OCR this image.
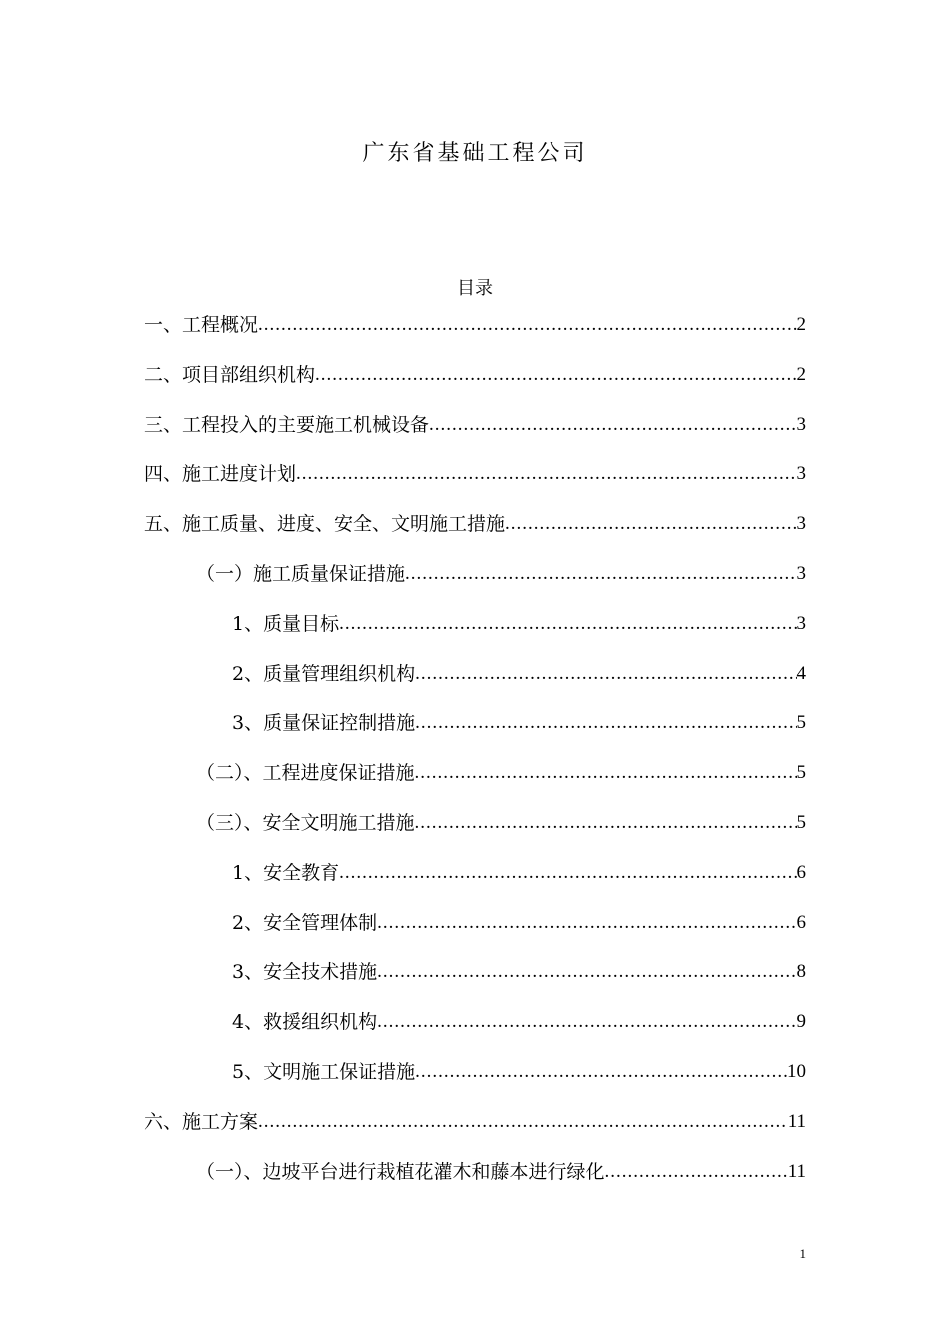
广东省基础工程公司
目录
一、工程概况 .....	2
二、项目部组织机构 .....	2
三、工程投入的主要施工机械设备 .....	3
四、施工进度计划 .....	3
五、施工质量、进度、安全、文明施工措施 .....	3
（一）施工质量保证措施 .....	3
1、质量目标 .....	3
2、质量管理组织机构 .....	4
3、质量保证控制措施 .....	5
（二）、工程进度保证措施 .....	5
（三）、安全文明施工措施 .....	5
1、安全教育 .....	6
2、安全管理体制 .....	6
3、安全技术措施 .....	8
4、救援组织机构 .....	9
5、文明施工保证措施 .....	10
六、施工方案 .....	11
（一）、边坡平台进行栽植花灌木和藤本进行绿化 .....	11
1
